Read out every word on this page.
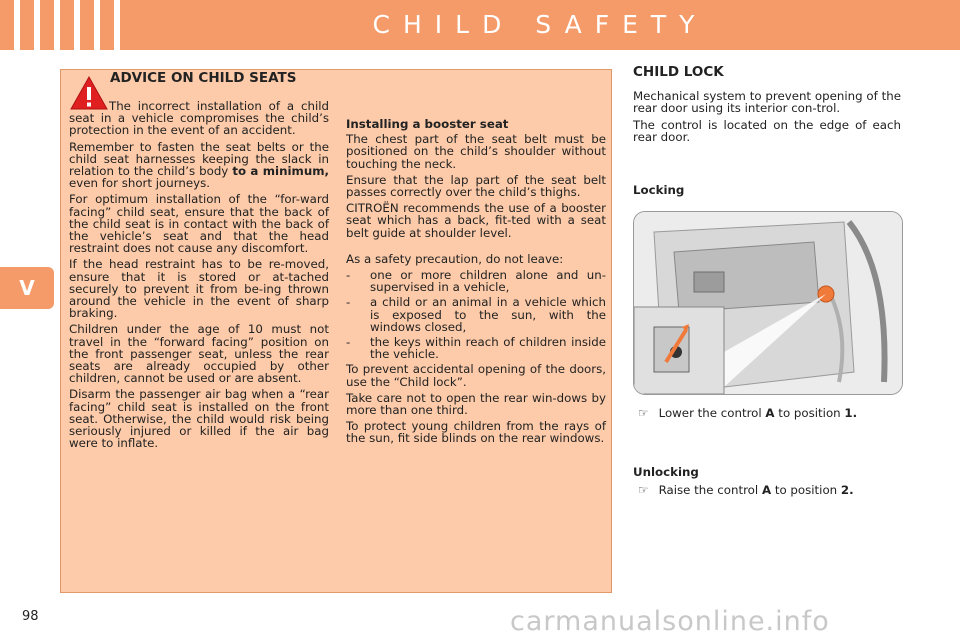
CHILD SAFETY
V
ADVICE ON CHILD SEATS

The incorrect installation of a child seat in a vehicle compromises the child’s protection in the event of an accident.

Remember to fasten the seat belts or the child seat harnesses keeping the slack in relation to the child’s body to a minimum, even for short journeys.

For optimum installation of the “for-ward facing” child seat, ensure that the back of the child seat is in contact with the back of the vehicle’s seat and that the head restraint does not cause any discomfort.

If the head restraint has to be re-moved, ensure that it is stored or at-tached securely to prevent it from be-ing thrown around the vehicle in the event of sharp braking.

Children under the age of 10 must not travel in the “forward facing” position on the front passenger seat, unless the rear seats are already occupied by other children, cannot be used or are absent.

Disarm the passenger air bag when a “rear facing” child seat is installed on the front seat. Otherwise, the child would risk being seriously injured or killed if the air bag were to inflate.

Installing a booster seat

The chest part of the seat belt must be positioned on the child’s shoulder without touching the neck.

Ensure that the lap part of the seat belt passes correctly over the child’s thighs.

CITROËN recommends the use of a booster seat which has a back, fit-ted with a seat belt guide at shoulder level.

As a safety precaution, do not leave:

-	one or more children alone and un-supervised in a vehicle,
-	a child or an animal in a vehicle which is exposed to the sun, with the windows closed,
-	the keys within reach of children inside the vehicle.

To prevent accidental opening of the doors, use the “Child lock”.

Take care not to open the rear win-dows by more than one third.

To protect young children from the rays of the sun, fit side blinds on the rear windows.

CHILD LOCK

Mechanical system to prevent opening of the rear door using its interior con-trol.

The control is located on the edge of each rear door.

Locking
☞ Lower the control A to position 1.
Unlocking
☞ Raise the control A to position 2.
98	carmanualsonline.info
